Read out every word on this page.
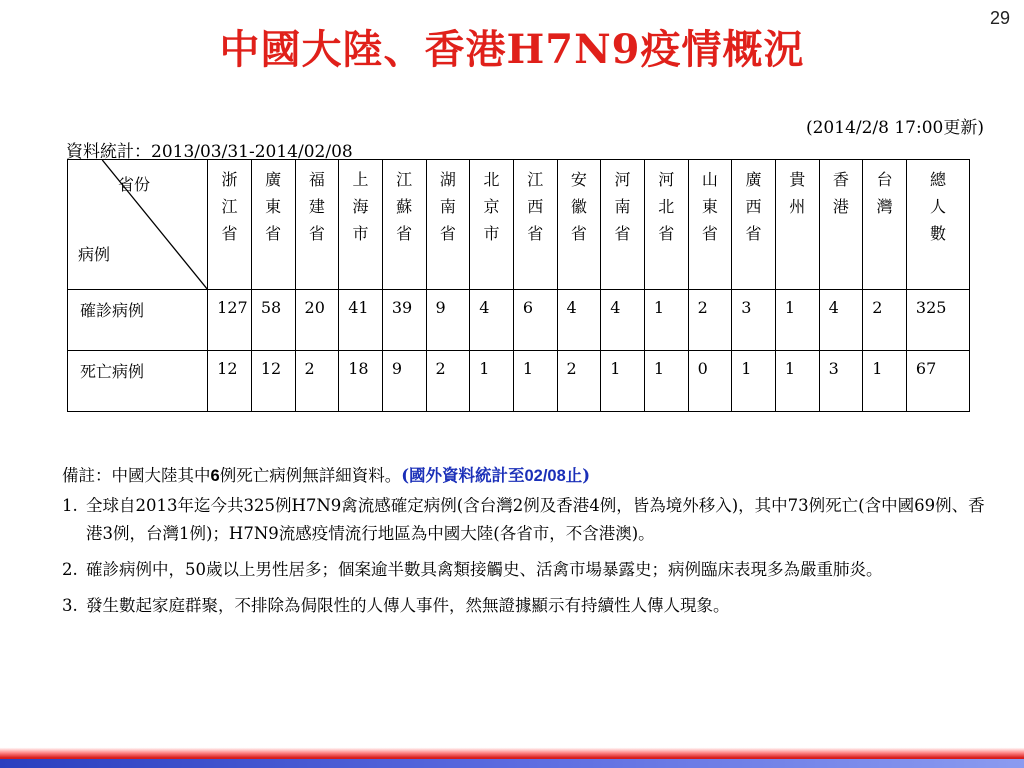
29
中國大陸、香港H7N9疫情概況
(2014/2/8 17:00更新)
資料統計：2013/03/31-2014/02/08
省份
病例	浙江省	廣東省	福建省	上海市	江蘇省	湖南省	北京市	江西省	安徽省	河南省	河北省	山東省	廣西省	貴州	香港	台灣	總人數
確診病例	127	58	20	41	39	9	4	6	4	4	1	2	3	1	4	2	325
死亡病例	12	12	2	18	9	2	1	1	2	1	1	0	1	1	3	1	67
備註：中國大陸其中6例死亡病例無詳細資料。(國外資料統計至02/08止)
1. 全球自2013年迄今共325例H7N9禽流感確定病例(含台灣2例及香港4例，皆為境外移入)，其中73例死亡(含中國69例、香港3例，台灣1例)；H7N9流感疫情流行地區為中國大陸(各省市，不含港澳)。
2. 確診病例中，50歲以上男性居多；個案逾半數具禽類接觸史、活禽市場暴露史；病例臨床表現多為嚴重肺炎。
3. 發生數起家庭群聚，不排除為侷限性的人傳人事件，然無證據顯示有持續性人傳人現象。
